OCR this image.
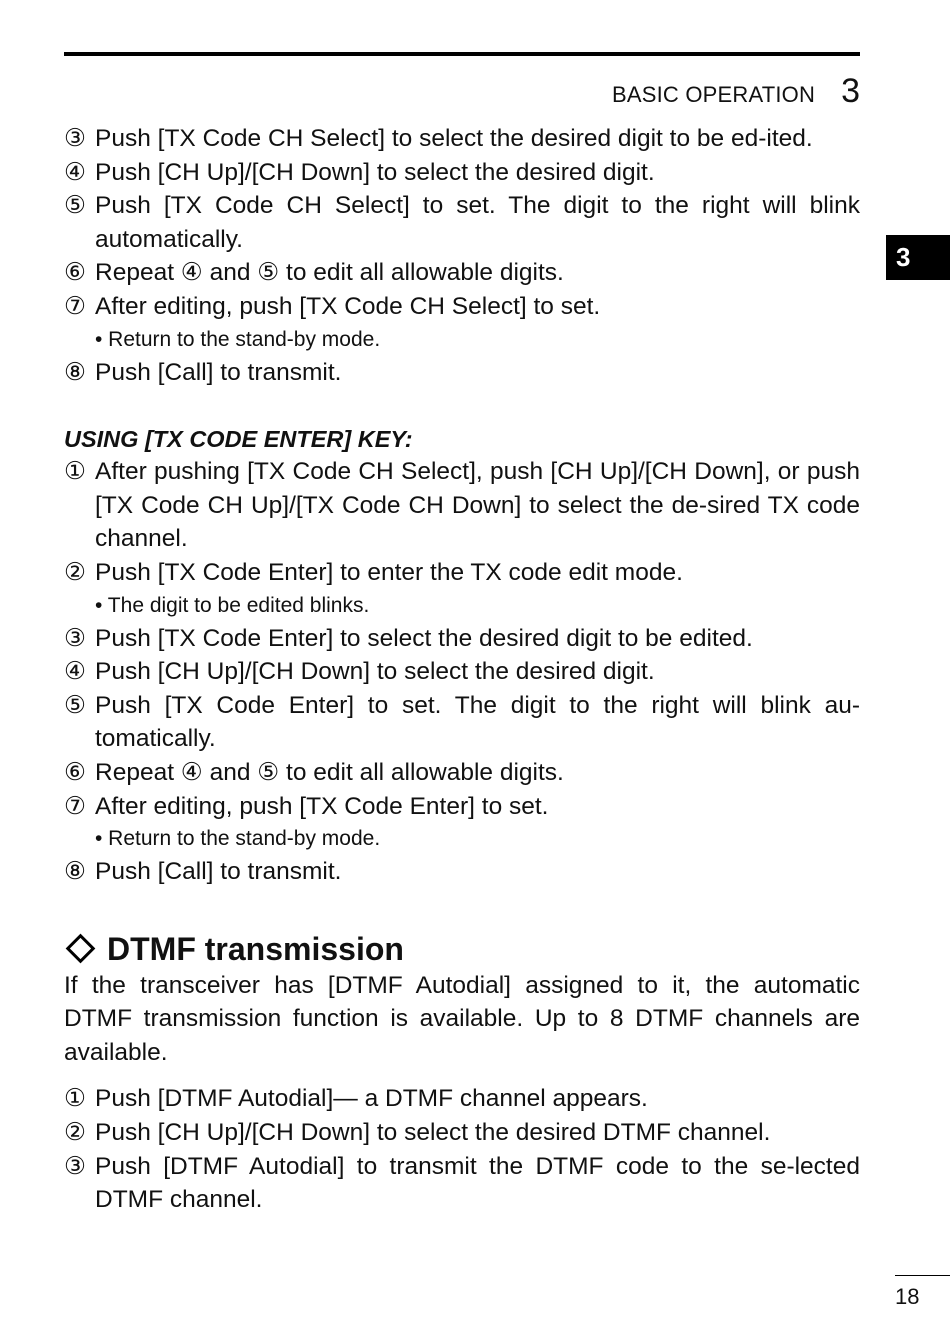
BASIC OPERATION 3
3
③ Push [TX Code CH Select] to select the desired digit to be ed-ited.
④ Push [CH Up]/[CH Down] to select the desired digit.
⑤ Push [TX Code CH Select] to set. The digit to the right will blink automatically.
⑥ Repeat ④ and ⑤ to edit all allowable digits.
⑦ After editing, push [TX Code CH Select] to set.
• Return to the stand-by mode.
⑧ Push [Call] to transmit.
USING [TX CODE ENTER] KEY:
① After pushing [TX Code CH Select], push [CH Up]/[CH Down], or push [TX Code CH Up]/[TX Code CH Down] to select the de-sired TX code channel.
② Push [TX Code Enter] to enter the TX code edit mode.
• The digit to be edited blinks.
③ Push [TX Code Enter] to select the desired digit to be edited.
④ Push [CH Up]/[CH Down] to select the desired digit.
⑤ Push [TX Code Enter] to set. The digit to the right will blink au-tomatically.
⑥ Repeat ④ and ⑤ to edit all allowable digits.
⑦ After editing, push [TX Code Enter] to set.
• Return to the stand-by mode.
⑧ Push [Call] to transmit.
DTMF transmission

If the transceiver has [DTMF Autodial] assigned to it, the automatic DTMF transmission function is available. Up to 8 DTMF channels are available.

① Push [DTMF Autodial]— a DTMF channel appears.
② Push [CH Up]/[CH Down] to select the desired DTMF channel.
③ Push [DTMF Autodial] to transmit the DTMF code to the se-lected DTMF channel.
18
